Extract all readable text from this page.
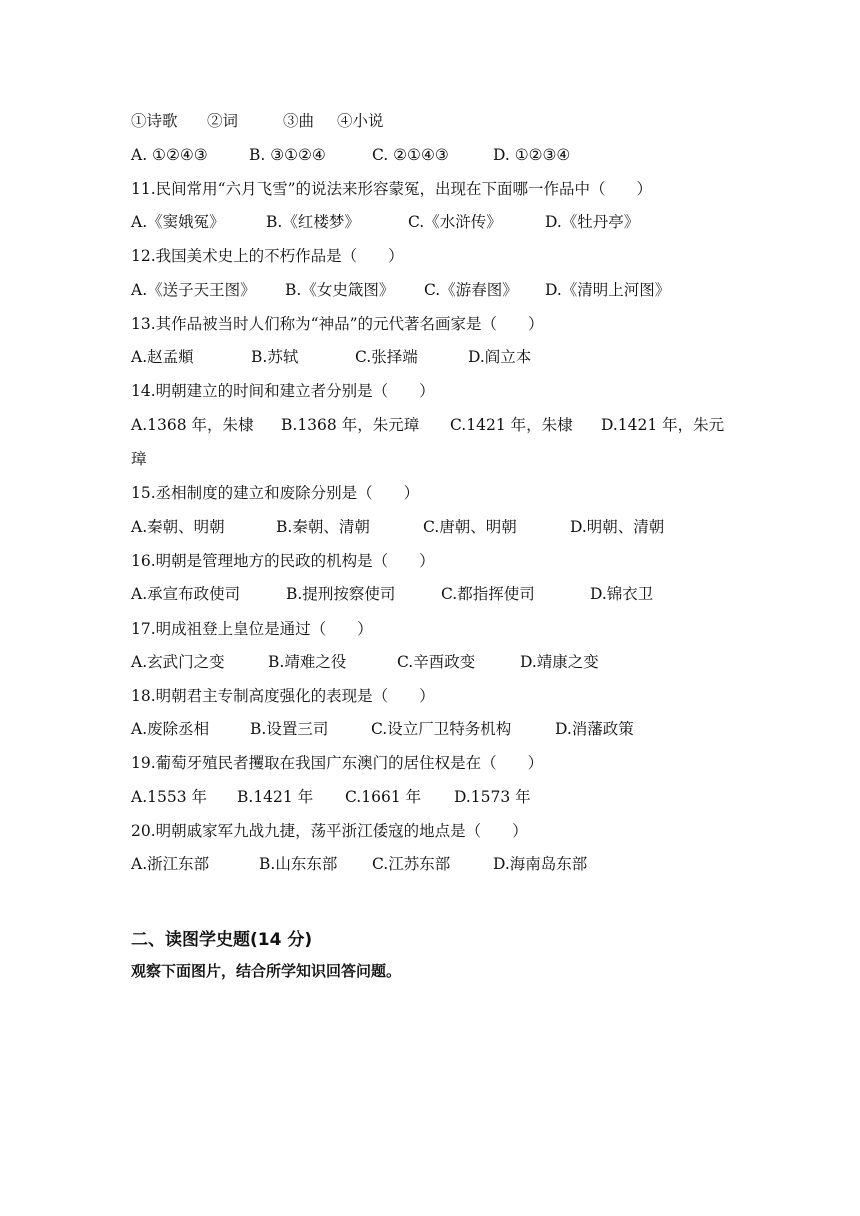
①诗歌 ②词	③曲 ④小说
A. ①②④③	B. ③①②④	C. ②①④③	D. ①②③④
11.民间常用“六月飞雪”的说法来形容蒙冤，出现在下面哪一作品中（　　）
A.《窦娥冤》	B.《红楼梦》	C.《水浒传》	D.《牡丹亭》
12.我国美术史上的不朽作品是（　　）
A.《送子天王图》 B.《女史箴图》 C.《游春图》 D.《清明上河图》
13.其作品被当时人们称为“神品”的元代著名画家是（　　）
A.赵孟頫	B.苏轼	C.张择端	D.阎立本
14.明朝建立的时间和建立者分别是（　　）
A.1368 年，朱棣 B.1368 年，朱元璋 C.1421 年，朱棣 D.1421 年，朱元
璋
15.丞相制度的建立和废除分别是（　　）
A.秦朝、明朝	B.秦朝、清朝	C.唐朝、明朝	D.明朝、清朝
16.明朝是管理地方的民政的机构是（　　）
A.承宣布政使司	B.提刑按察使司	C.都指挥使司	D.锦衣卫
17.明成祖登上皇位是通过（　　）
A.玄武门之变	B.靖难之役	C.辛酉政变	D.靖康之变
18.明朝君主专制高度强化的表现是（　　）
A.废除丞相	B.设置三司	C.设立厂卫特务机构	D.消藩政策
19.葡萄牙殖民者攫取在我国广东澳门的居住权是在（　　）
A.1553 年 B.1421 年 C.1661 年 D.1573 年
20.明朝戚家军九战九捷，荡平浙江倭寇的地点是（　　）
A.浙江东部	B.山东东部 C.江苏东部	D.海南岛东部
二、读图学史题(14 分)
观察下面图片，结合所学知识回答问题。
